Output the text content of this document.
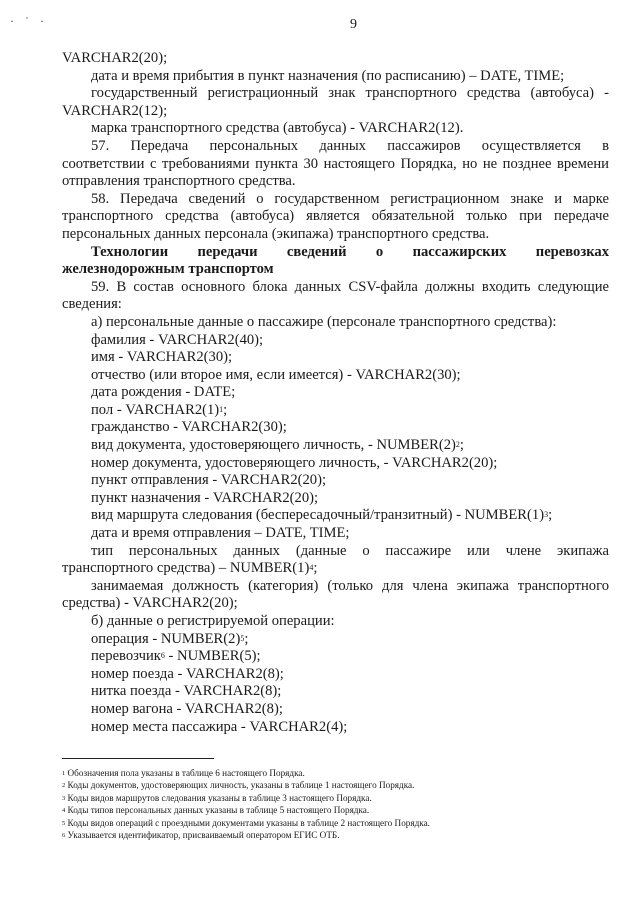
· ˙ ·	9
VARCHAR2(20);
дата и время прибытия в пункт назначения (по расписанию) – DATE, TIME;
государственный регистрационный знак транспортного средства (автобуса) -
VARCHAR2(12);
марка транспортного средства (автобуса) - VARCHAR2(12).
57. Передача персональных данных пассажиров осуществляется в
соответствии с требованиями пункта 30 настоящего Порядка, но не позднее времени
отправления транспортного средства.
58. Передача сведений о государственном регистрационном знаке и марке
транспортного средства (автобуса) является обязательной только при передаче
персональных данных персонала (экипажа) транспортного средства.
Технологии передачи сведений о пассажирских перевозках
железнодорожным транспортом
59. В состав основного блока данных CSV-файла должны входить следующие
сведения:
а) персональные данные о пассажире (персонале транспортного средства):
фамилия - VARCHAR2(40);
имя - VARCHAR2(30);
отчество (или второе имя, если имеется) - VARCHAR2(30);
дата рождения - DATE;
пол - $VARCHAR2(1)^1$;
гражданство - VARCHAR2(30);
вид документа, удостоверяющего личность, - $NUMBER(2)^2$;
номер документа, удостоверяющего личность, - VARCHAR2(20);
пункт отправления - VARCHAR2(20);
пункт назначения - VARCHAR2(20);
вид маршрута следования (беспересадочный/транзитный) - $NUMBER(1)^3$;
дата и время отправления – DATE, TIME;
тип персональных данных (данные о пассажире или члене экипажа
транспортного средства) – $NUMBER(1)^4$;
занимаемая должность (категория) (только для члена экипажа транспортного
средства) - VARCHAR2(20);
б) данные о регистрируемой операции:
операция - $NUMBER(2)^5$;
перевозчик$^6$ - NUMBER(5);
номер поезда - VARCHAR2(8);
нитка поезда - VARCHAR2(8);
номер вагона - VARCHAR2(8);
номер места пассажира - VARCHAR2(4);
$^1$ Обозначения пола указаны в таблице 6 настоящего Порядка.
$^2$ Коды документов, удостоверяющих личность, указаны в таблице 1 настоящего Порядка.
$^3$ Коды видов маршрутов следования указаны в таблице 3 настоящего Порядка.
$^4$ Коды типов персональных данных указаны в таблице 5 настоящего Порядка.
$^5$ Коды видов операций с проездными документами указаны в таблице 2 настоящего Порядка.
$^6$ Указывается идентификатор, присваиваемый оператором ЕГИС ОТБ.
